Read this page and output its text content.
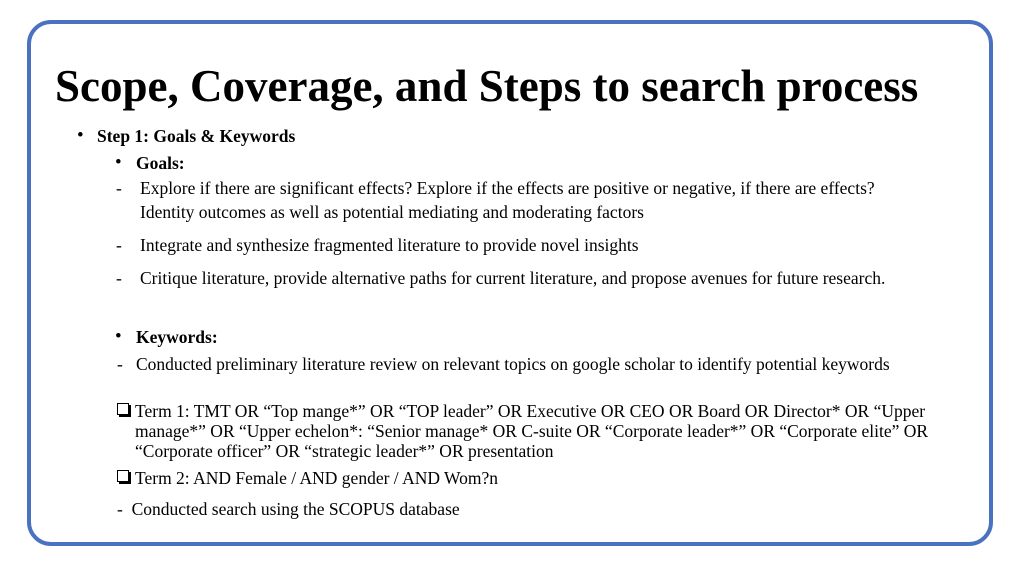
Scope, Coverage, and Steps to search process
• Step 1: Goals & Keywords
• Goals:
- Explore if there are significant effects? Explore if the effects are positive or negative, if there are effects? Identity outcomes as well as potential mediating and moderating factors
- Integrate and synthesize fragmented literature to provide novel insights
- Critique literature, provide alternative paths for current literature, and propose avenues for future research.
• Keywords:
-   Conducted preliminary literature review on relevant topics on google scholar to identify potential keywords
Term 1: TMT OR “Top mange*” OR “TOP leader” OR Executive OR CEO OR Board OR Director* OR “Upper manage*” OR “Upper echelon*: “Senior manage* OR C-suite OR “Corporate leader*” OR “Corporate elite” OR “Corporate officer” OR “strategic leader*” OR presentation
Term 2: AND Female / AND gender / AND Wom?n
-  Conducted search using the SCOPUS database
